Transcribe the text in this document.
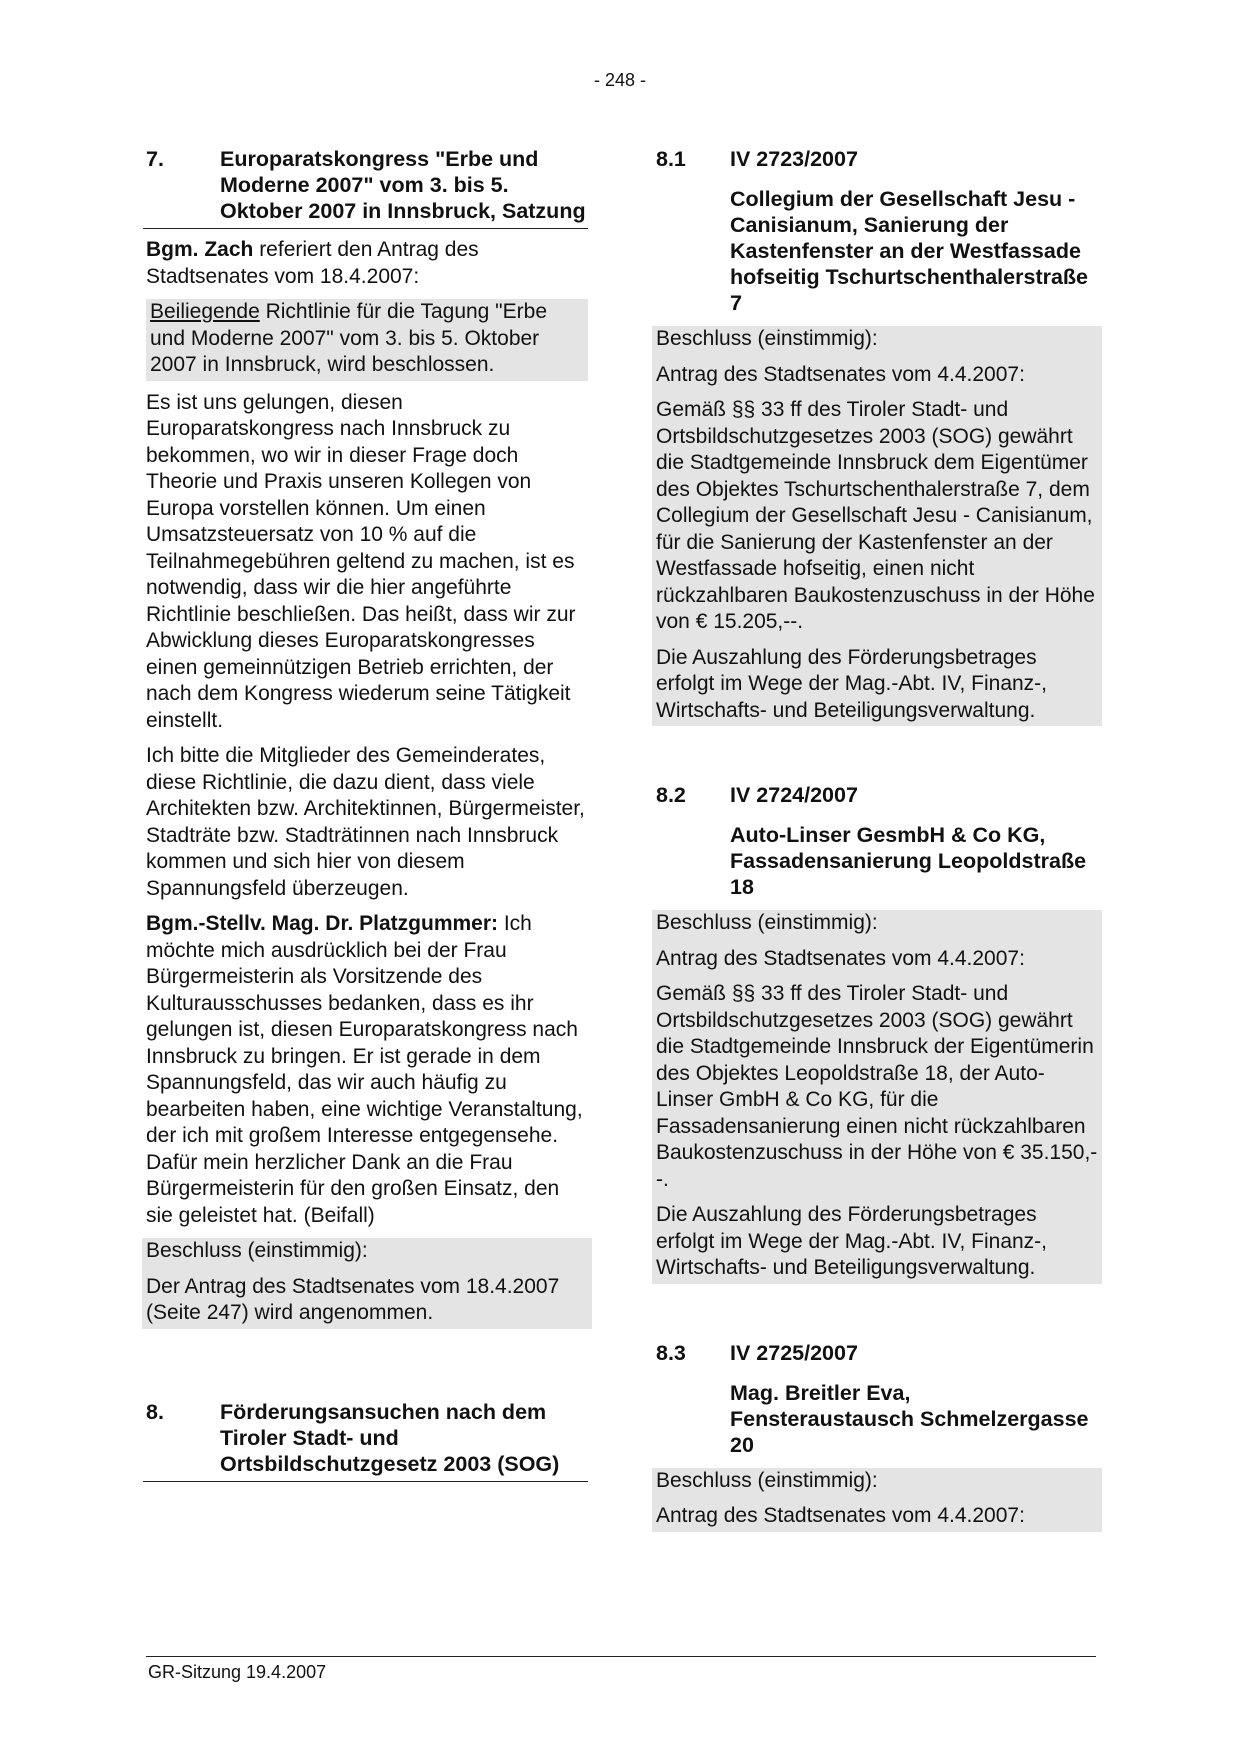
- 248 -
7.	Europaratskongress "Erbe und Moderne 2007" vom 3. bis 5. Oktober 2007 in Innsbruck, Satzung

Bgm. Zach referiert den Antrag des Stadtsenates vom 18.4.2007:

Beiliegende Richtlinie für die Tagung "Erbe und Moderne 2007" vom 3. bis 5. Oktober 2007 in Innsbruck, wird beschlossen.

Es ist uns gelungen, diesen Europaratskongress nach Innsbruck zu bekommen, wo wir in dieser Frage doch Theorie und Praxis unseren Kollegen von Europa vorstellen können. Um einen Umsatzsteuersatz von 10 % auf die Teilnahmegebühren geltend zu machen, ist es notwendig, dass wir die hier angeführte Richtlinie beschließen. Das heißt, dass wir zur Abwicklung dieses Europaratskongresses einen gemeinnützigen Betrieb errichten, der nach dem Kongress wiederum seine Tätigkeit einstellt.

Ich bitte die Mitglieder des Gemeinderates, diese Richtlinie, die dazu dient, dass viele Architekten bzw. Architektinnen, Bürgermeister, Stadträte bzw. Stadträtinnen nach Innsbruck kommen und sich hier von diesem Spannungsfeld überzeugen.

Bgm.-Stellv. Mag. Dr. Platzgummer: Ich möchte mich ausdrücklich bei der Frau Bürgermeisterin als Vorsitzende des Kulturausschusses bedanken, dass es ihr gelungen ist, diesen Europaratskongress nach Innsbruck zu bringen. Er ist gerade in dem Spannungsfeld, das wir auch häufig zu bearbeiten haben, eine wichtige Veranstaltung, der ich mit großem Interesse entgegensehe. Dafür mein herzlicher Dank an die Frau Bürgermeisterin für den großen Einsatz, den sie geleistet hat. (Beifall)

Beschluss (einstimmig):

Der Antrag des Stadtsenates vom 18.4.2007 (Seite 247) wird angenommen.

8.	Förderungsansuchen nach dem Tiroler Stadt- und Ortsbildschutzgesetz 2003 (SOG)
8.1	IV 2723/2007
Collegium der Gesellschaft Jesu - Canisianum, Sanierung der Kastenfenster an der Westfassade hofseitig Tschurtschenthalerstraße 7

Beschluss (einstimmig):

Antrag des Stadtsenates vom 4.4.2007:

Gemäß §§ 33 ff des Tiroler Stadt- und Ortsbildschutzgesetzes 2003 (SOG) gewährt die Stadtgemeinde Innsbruck dem Eigentümer des Objektes Tschurtschenthalerstraße 7, dem Collegium der Gesellschaft Jesu - Canisianum, für die Sanierung der Kastenfenster an der Westfassade hofseitig, einen nicht rückzahlbaren Baukostenzuschuss in der Höhe von € 15.205,--.

Die Auszahlung des Förderungsbetrages erfolgt im Wege der Mag.-Abt. IV, Finanz-, Wirtschafts- und Beteiligungsverwaltung.

8.2	IV 2724/2007
Auto-Linser GesmbH & Co KG, Fassadensanierung Leopoldstraße 18

Beschluss (einstimmig):

Antrag des Stadtsenates vom 4.4.2007:

Gemäß §§ 33 ff des Tiroler Stadt- und Ortsbildschutzgesetzes 2003 (SOG) gewährt die Stadtgemeinde Innsbruck der Eigentümerin des Objektes Leopoldstraße 18, der Auto-Linser GmbH & Co KG, für die Fassadensanierung einen nicht rückzahlbaren Baukostenzuschuss in der Höhe von € 35.150,--.

Die Auszahlung des Förderungsbetrages erfolgt im Wege der Mag.-Abt. IV, Finanz-, Wirtschafts- und Beteiligungsverwaltung.

8.3	IV 2725/2007
Mag. Breitler Eva, Fensteraustausch Schmelzergasse 20

Beschluss (einstimmig):

Antrag des Stadtsenates vom 4.4.2007:

GR-Sitzung 19.4.2007
